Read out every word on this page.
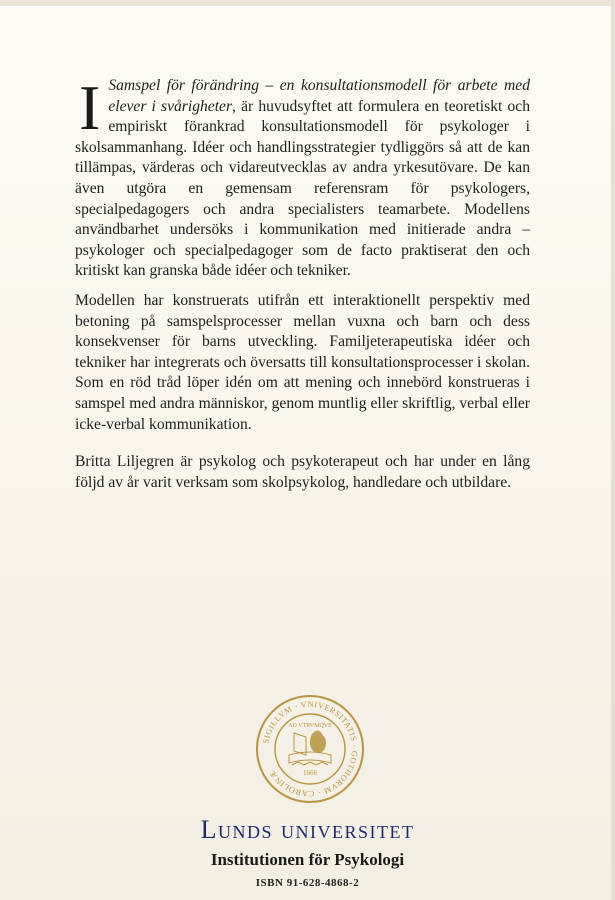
I Samspel för förändring – en konsultationsmodell för arbete med elever i svårigheter, är huvudsyftet att formulera en teoretiskt och empiriskt förankrad konsultationsmodell för psykologer i skolsammanhang. Idéer och handlingsstrategier tydliggörs så att de kan tillämpas, värderas och vidareutvecklas av andra yrkesutövare. De kan även utgöra en gemensam referensram för psykologers, specialpedagogers och andra specialisters teamarbete. Modellens användbarhet undersöks i kommunikation med initierade andra – psykologer och specialpedagoger som de facto praktiserat den och kritiskt kan granska både idéer och tekniker.

Modellen har konstruerats utifrån ett interaktionellt perspektiv med betoning på samspelsprocesser mellan vuxna och barn och dess konsekvenser för barns utveckling. Familjeterapeutiska idéer och tekniker har integrerats och översatts till konsultationsprocesser i skolan. Som en röd tråd löper idén om att mening och innebörd konstrueras i samspel med andra människor, genom muntlig eller skriftlig, verbal eller icke-verbal kommunikation.

Britta Liljegren är psykolog och psykoterapeut och har under en lång följd av år varit verksam som skolpsykolog, handledare och utbildare.

SIGILLVM · VNIVERSITATIS · GOTHORVM · CAROLINÆ
AD VTRVMQVE
1666
Lunds universitet
Institutionen för Psykologi
ISBN 91-628-4868-2
